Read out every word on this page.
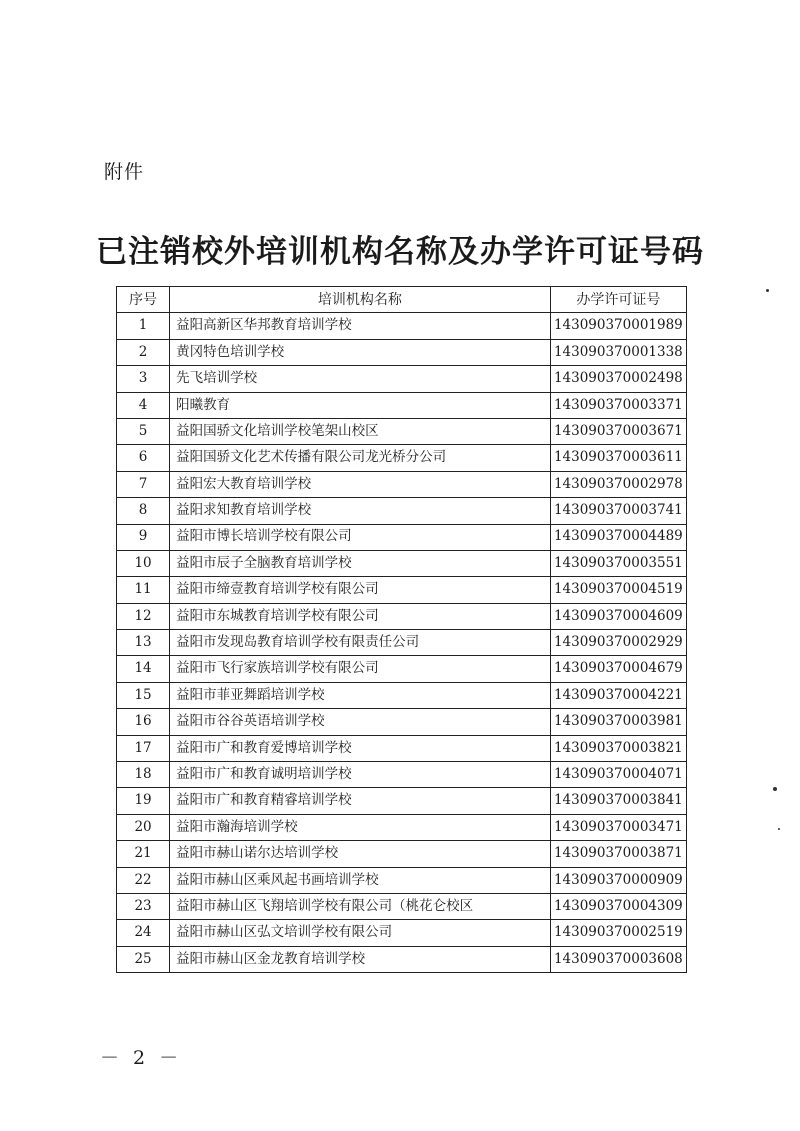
附件
已注销校外培训机构名称及办学许可证号码
序号	培训机构名称	办学许可证号
1	益阳高新区华邦教育培训学校	143090370001989
2	黄冈特色培训学校	143090370001338
3	先飞培训学校	143090370002498
4	阳曦教育	143090370003371
5	益阳国骄文化培训学校笔架山校区	143090370003671
6	益阳国骄文化艺术传播有限公司龙光桥分公司	143090370003611
7	益阳宏大教育培训学校	143090370002978
8	益阳求知教育培训学校	143090370003741
9	益阳市博长培训学校有限公司	143090370004489
10	益阳市辰子全脑教育培训学校	143090370003551
11	益阳市缔壹教育培训学校有限公司	143090370004519
12	益阳市东城教育培训学校有限公司	143090370004609
13	益阳市发现岛教育培训学校有限责任公司	143090370002929
14	益阳市飞行家族培训学校有限公司	143090370004679
15	益阳市菲亚舞蹈培训学校	143090370004221
16	益阳市谷谷英语培训学校	143090370003981
17	益阳市广和教育爱博培训学校	143090370003821
18	益阳市广和教育诚明培训学校	143090370004071
19	益阳市广和教育精睿培训学校	143090370003841
20	益阳市瀚海培训学校	143090370003471
21	益阳市赫山诺尔达培训学校	143090370003871
22	益阳市赫山区乘风起书画培训学校	143090370000909
23	益阳市赫山区飞翔培训学校有限公司（桃花仑校区	143090370004309
24	益阳市赫山区弘文培训学校有限公司	143090370002519
25	益阳市赫山区金龙教育培训学校	143090370003608
－ 2 －
